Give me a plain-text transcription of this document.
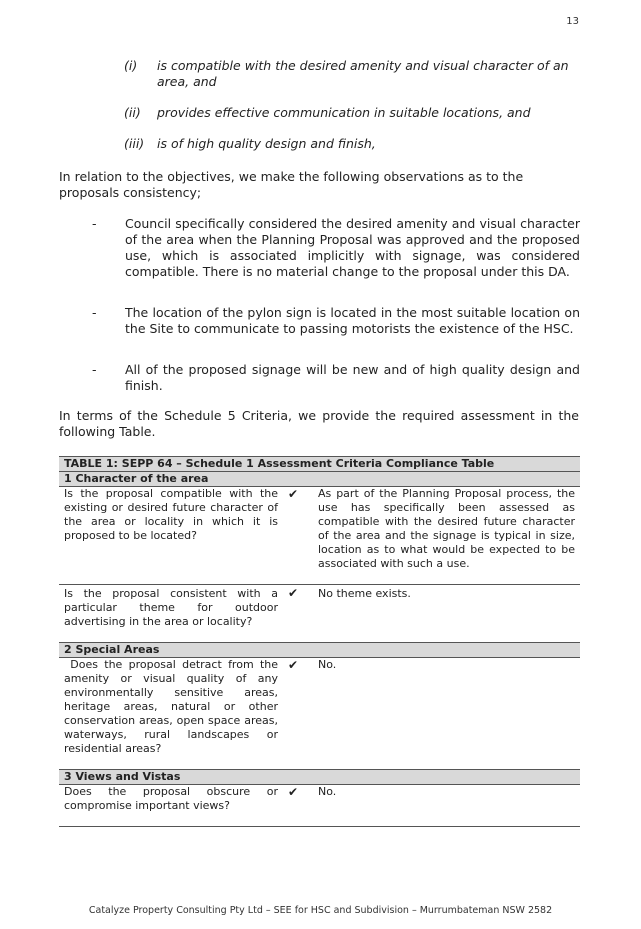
13
(i)	is compatible with the desired amenity and visual character of an area, and
(ii)	provides effective communication in suitable locations, and
(iii)	is of high quality design and finish,
In relation to the objectives, we make the following observations as to the proposals consistency;
-	Council specifically considered the desired amenity and visual character of the area when the Planning Proposal was approved and the proposed use, which is associated implicitly with signage, was considered compatible. There is no material change to the proposal under this DA.
-	The location of the pylon sign is located in the most suitable location on the Site to communicate to passing motorists the existence of the HSC.
-	All of the proposed signage will be new and of high quality design and finish.
In terms of the Schedule 5 Criteria, we provide the required assessment in the following Table.
TABLE 1: SEPP 64 – Schedule 1 Assessment Criteria Compliance Table		
1 Character of the area		
Is the proposal compatible with the existing or desired future character of the area or locality in which it is proposed to be located?	✔	As part of the Planning Proposal process, the use has specifically been assessed as compatible with the desired future character of the area and the signage is typical in size, location as to what would be expected to be associated with such a use.
Is the proposal consistent with a particular theme for outdoor advertising in the area or locality?	✔	No theme exists.
2 Special Areas		
Does the proposal detract from the amenity or visual quality of any environmentally sensitive areas, heritage areas, natural or other conservation areas, open space areas, waterways, rural landscapes or residential areas?	✔	No.
3 Views and Vistas		
Does the proposal obscure or compromise important views?	✔	No.
Catalyze Property Consulting Pty Ltd – SEE for HSC and Subdivision – Murrumbateman NSW 2582
